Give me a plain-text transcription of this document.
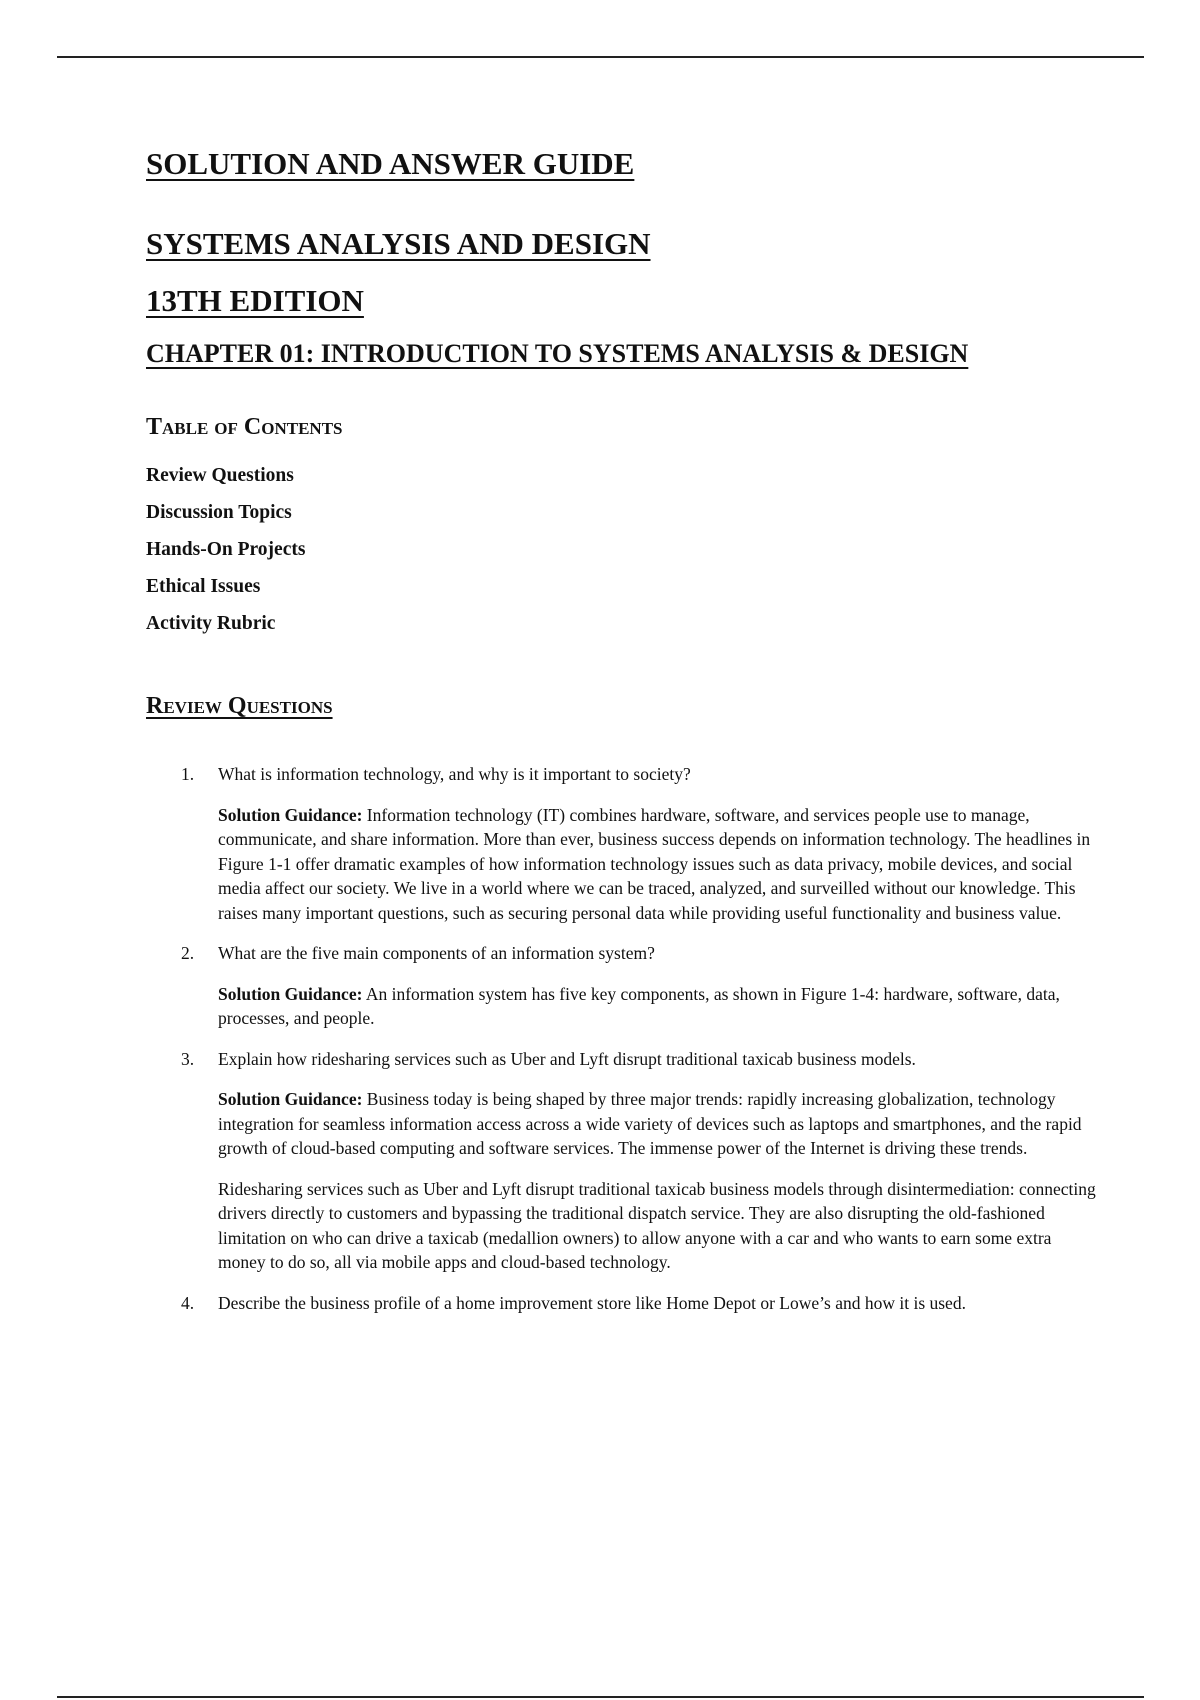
SOLUTION AND ANSWER GUIDE
SYSTEMS ANALYSIS AND DESIGN
13TH EDITION
CHAPTER 01: INTRODUCTION TO SYSTEMS ANALYSIS & DESIGN
Table of Contents
Review Questions
Discussion Topics
Hands-On Projects
Ethical Issues
Activity Rubric
Review Questions
1. What is information technology, and why is it important to society?

Solution Guidance: Information technology (IT) combines hardware, software, and services people use to manage, communicate, and share information. More than ever, business success depends on information technology. The headlines in Figure 1-1 offer dramatic examples of how information technology issues such as data privacy, mobile devices, and social media affect our society. We live in a world where we can be traced, analyzed, and surveilled without our knowledge. This raises many important questions, such as securing personal data while providing useful functionality and business value.

2. What are the five main components of an information system?

Solution Guidance: An information system has five key components, as shown in Figure 1-4: hardware, software, data, processes, and people.

3. Explain how ridesharing services such as Uber and Lyft disrupt traditional taxicab business models.

Solution Guidance: Business today is being shaped by three major trends: rapidly increasing globalization, technology integration for seamless information access across a wide variety of devices such as laptops and smartphones, and the rapid growth of cloud-based computing and software services. The immense power of the Internet is driving these trends.

Ridesharing services such as Uber and Lyft disrupt traditional taxicab business models through disintermediation: connecting drivers directly to customers and bypassing the traditional dispatch service. They are also disrupting the old-fashioned limitation on who can drive a taxicab (medallion owners) to allow anyone with a car and who wants to earn some extra money to do so, all via mobile apps and cloud-based technology.

4. Describe the business profile of a home improvement store like Home Depot or Lowe’s and how it is used.
